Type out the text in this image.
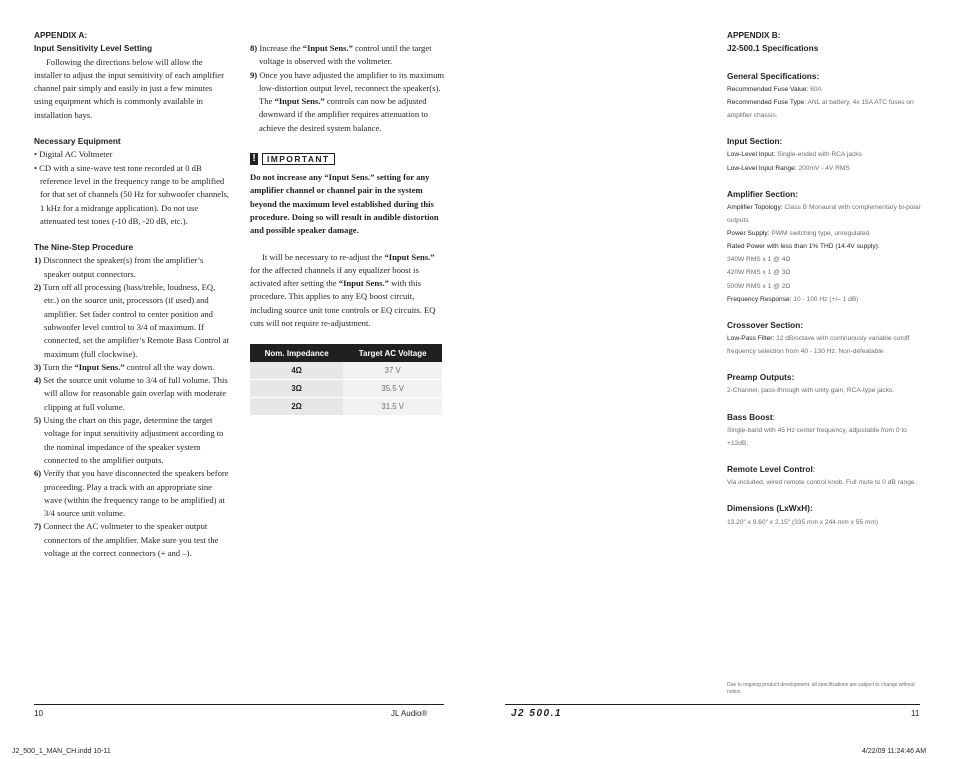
APPENDIX A:
Input Sensitivity Level Setting

Following the directions below will allow the installer to adjust the input sensitivity of each amplifier channel pair simply and easily in just a few minutes using equipment which is commonly available in installation bays.

Necessary Equipment

• Digital AC Voltmeter

• CD with a sine-wave test tone recorded at 0 dB reference level in the frequency range to be amplified for that set of channels (50 Hz for subwoofer channels, 1 kHz for a midrange application). Do not use attenuated test tones (-10 dB, -20 dB, etc.).

The Nine-Step Procedure

1) Disconnect the speaker(s) from the amplifier’s speaker output connectors.

2) Turn off all processing (bass/treble, loudness, EQ, etc.) on the source unit, processors (if used) and amplifier. Set fader control to center position and subwoofer level control to 3/4 of maximum. If connected, set the amplifier’s Remote Bass Control at maximum (full clockwise).

3) Turn the “Input Sens.” control all the way down.

4) Set the source unit volume to 3/4 of full volume. This will allow for reasonable gain overlap with moderate clipping at full volume.

5) Using the chart on this page, determine the target voltage for input sensitivity adjustment according to the nominal impedance of the speaker system connected to the amplifier outputs.

6) Verify that you have disconnected the speakers before proceeding. Play a track with an appropriate sine wave (within the frequency range to be amplified) at 3/4 source unit volume.

7) Connect the AC voltmeter to the speaker output connectors of the amplifier. Make sure you test the voltage at the correct connectors (+ and –).

8) Increase the “Input Sens.” control until the target voltage is observed with the voltmeter.

9) Once you have adjusted the amplifier to its maximum low-distortion output level, reconnect the speaker(s). The “Input Sens.” controls can now be adjusted downward if the amplifier requires attenuation to achieve the desired system balance.

!	IMPORTANT

Do not increase any “Input Sens.” setting for any amplifier channel or channel pair in the system beyond the maximum level established during this procedure. Doing so will result in audible distortion and possible speaker damage.

It will be necessary to re-adjust the “Input Sens.” for the affected channels if any equalizer boost is activated after setting the “Input Sens.” with this procedure. This applies to any EQ boost circuit, including source unit tone controls or EQ circuits. EQ cuts will not require re-adjustment.

Nom. Impedance	Target AC Voltage
4Ω	37 V
3Ω	35.5 V
2Ω	31.5 V
APPENDIX B:
J2-500.1 Specifications
General Specifications:
Recommended Fuse Value: 60A
Recommended Fuse Type: ANL at battery, 4x 15A ATC fuses on amplifier chassis.
Input Section:
Low-Level Input: Single-ended with RCA jacks
Low-Level Input Range: 200mV - 4V RMS
Amplifier Section:
Amplifier Topology: Class B Monaural with complementary bi-polar outputs
Power Supply: PWM switching type, unregulated
Rated Power with less than 1% THD (14.4V supply):
340W RMS x 1 @ 4Ω
420W RMS x 1 @ 3Ω
500W RMS x 1 @ 2Ω
Frequency Response: 10 - 100 Hz (+/– 1 dB)
Crossover Section:
Low-Pass Filter: 12 dB/octave with continuously variable cutoff frequency selection from 40 - 130 Hz. Non-defeatable
Preamp Outputs:
2-Channel, pass-through with unity gain, RCA-type jacks.
Bass Boost:
Single-band with 45 Hz center frequency, adjustable from 0 to +12dB.
Remote Level Control:
Via included, wired remote control knob. Full mute to 0 dB range.
Dimensions (LxWxH):
13.20" x 9.60" x 2.15" (335 mm x 244 mm x 55 mm)
Due to ongoing product development, all specifications are subject to change without notice.
10	JL Audio®	J2 500.1	11
J2_500_1_MAN_CH.indd 10-11	4/22/09 11:24:46 AM
